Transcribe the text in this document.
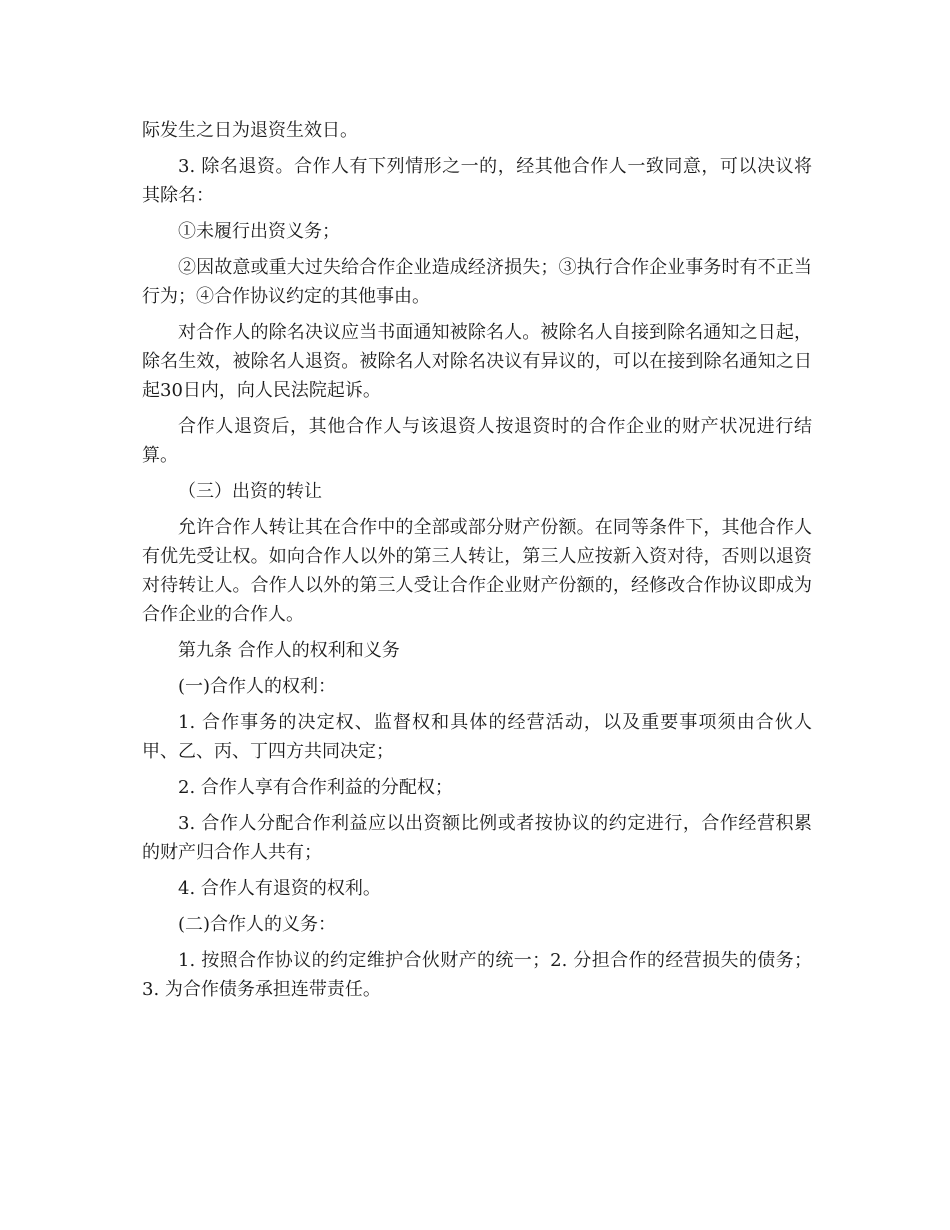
际发生之日为退资生效日。

3. 除名退资。合作人有下列情形之一的，经其他合作人一致同意，可以决议将其除名：

①未履行出资义务；

②因故意或重大过失给合作企业造成经济损失；③执行合作企业事务时有不正当行为；④合作协议约定的其他事由。

对合作人的除名决议应当书面通知被除名人。被除名人自接到除名通知之日起，除名生效，被除名人退资。被除名人对除名决议有异议的，可以在接到除名通知之日起30日内，向人民法院起诉。

合作人退资后，其他合作人与该退资人按退资时的合作企业的财产状况进行结算。

（三）出资的转让

允许合作人转让其在合作中的全部或部分财产份额。在同等条件下，其他合作人有优先受让权。如向合作人以外的第三人转让，第三人应按新入资对待，否则以退资对待转让人。合作人以外的第三人受让合作企业财产份额的，经修改合作协议即成为合作企业的合作人。

第九条 合作人的权利和义务

(一)合作人的权利：

1. 合作事务的决定权、监督权和具体的经营活动，以及重要事项须由合伙人甲、乙、丙、丁四方共同决定；

2. 合作人享有合作利益的分配权；

3. 合作人分配合作利益应以出资额比例或者按协议的约定进行，合作经营积累的财产归合作人共有；

4. 合作人有退资的权利。

(二)合作人的义务：

1. 按照合作协议的约定维护合伙财产的统一；2. 分担合作的经营损失的债务；3. 为合作债务承担连带责任。
